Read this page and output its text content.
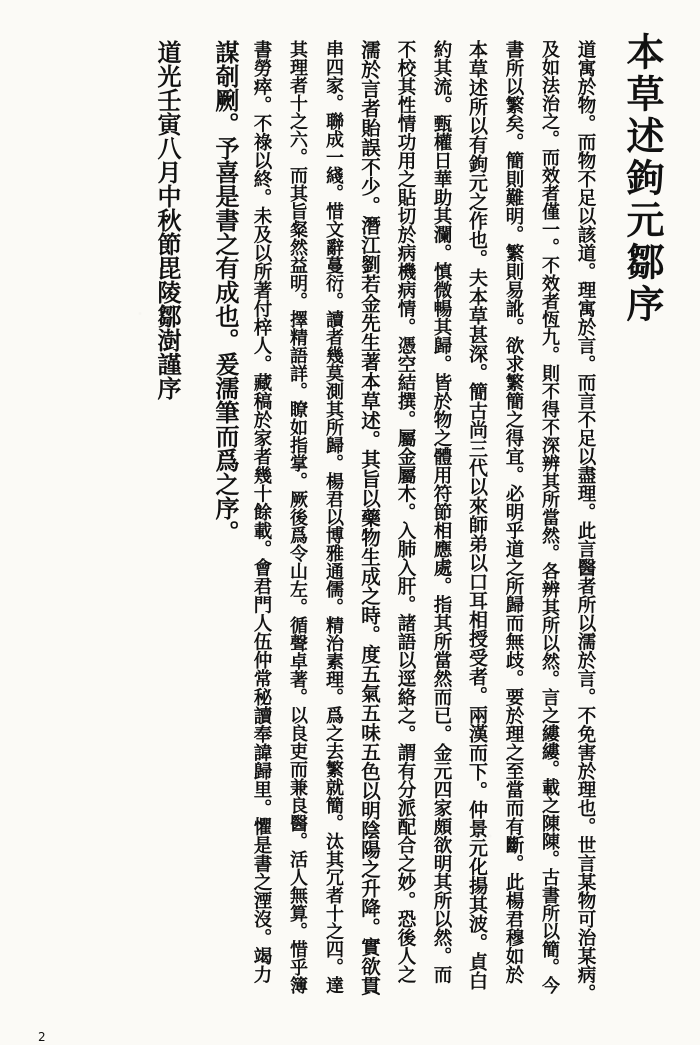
本草述鉤元鄒序
道寓於物。而物不足以該道。理寓於言。而言不足以盡理。此言醫者所以濡於言。不免害於理也。世言某物可治某病。
及如法治之。而效者僅一。不效者恆九。則不得不深辨其所當然。各辨其所以然。言之縷縷。載之陳陳。古書所以簡。今
書所以繁矣。簡則難明。繁則易訛。欲求繁簡之得宜。必明乎道之所歸而無歧。要於理之至當而有斷。此楊君穆如於
本草述所以有鉤元之作也。夫本草甚深。簡古尚三代以來師弟以口耳相授受者。兩漢而下。仲景元化揚其波。貞白
約其流。甄權日華助其瀾。慎微暢其歸。皆於物之體用符節相應處。指其所當然而已。金元四家頗欲明其所以然。而
不校其性情功用之貼切於病機病情。憑空結撰。屬金屬木。入肺入肝。諸語以逕絡之。謂有分派配合之妙。恐後人之
濡於言者貽誤不少。潛江劉若金先生著本草述。其旨以藥物生成之時。度五氣五味五色以明陰陽之升降。實欲貫
串四家。聯成一綫。惜文辭蔓衍。讀者幾莫測其所歸。楊君以博雅通儒。精治素理。爲之去繁就簡。汰其冗者十之四。達
其理者十之六。而其旨粲然益明。擇精語詳。瞭如指掌。厥後爲令山左。循聲卓著。以良吏而兼良醫。活人無算。惜乎簿
書勞瘁。不祿以終。未及以所著付梓人。藏稿於家者幾十餘載。會君門人伍仲常秘讀奉諱歸里。懼是書之湮沒。竭力
謀剞劂。予喜是書之有成也。爰濡筆而爲之序。
道光壬寅八月中秋節毘陵鄒澍謹序
2
